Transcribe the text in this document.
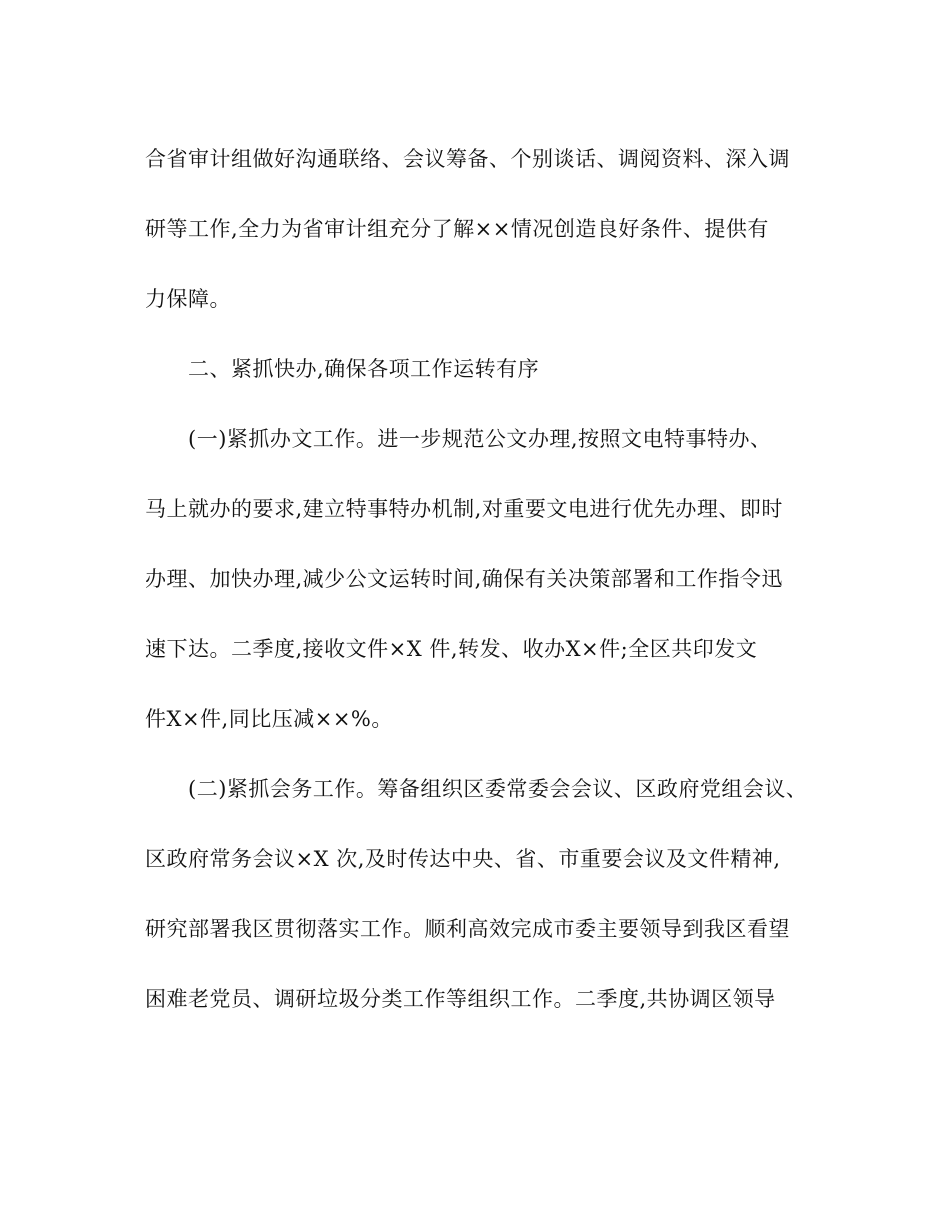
合省审计组做好沟通联络、会议筹备、个别谈话、调阅资料、深入调

研等工作,全力为省审计组充分了解××情况创造良好条件、提供有

力保障。

二、紧抓快办,确保各项工作运转有序

(一)紧抓办文工作。进一步规范公文办理,按照文电特事特办、

马上就办的要求,建立特事特办机制,对重要文电进行优先办理、即时

办理、加快办理,减少公文运转时间,确保有关决策部署和工作指令迅

速下达。二季度,接收文件×X 件,转发、收办X×件;全区共印发文

件X×件,同比压减××%。

(二)紧抓会务工作。筹备组织区委常委会会议、区政府党组会议、

区政府常务会议×X 次,及时传达中央、省、市重要会议及文件精神,

研究部署我区贯彻落实工作。顺利高效完成市委主要领导到我区看望

困难老党员、调研垃圾分类工作等组织工作。二季度,共协调区领导
